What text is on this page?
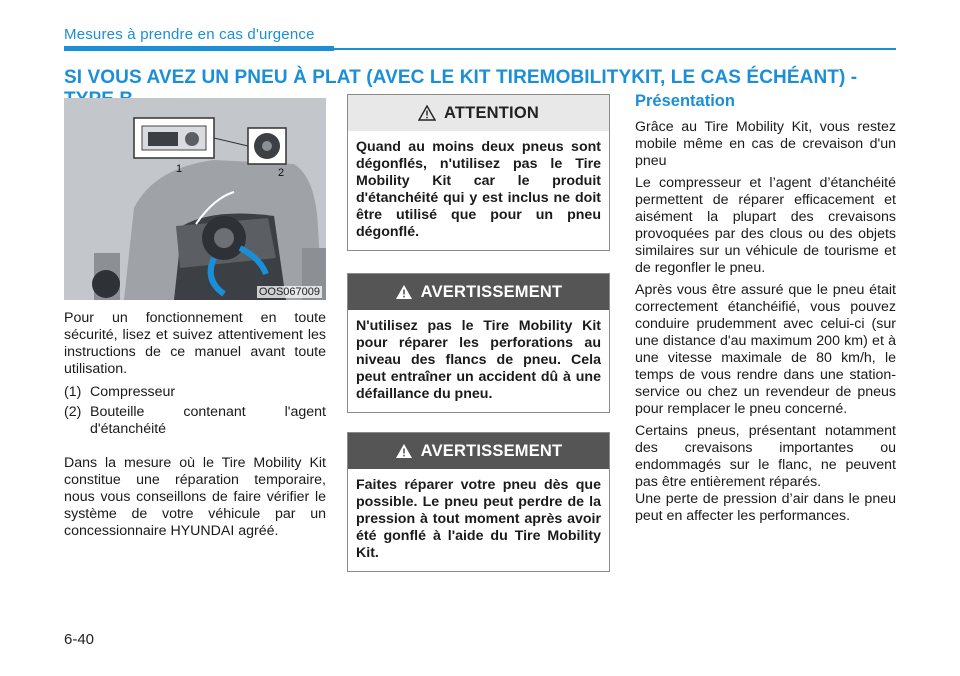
Mesures à prendre en cas d'urgence
SI VOUS AVEZ UN PNEU À PLAT (AVEC LE KIT TIREMOBILITYKIT, LE CAS ÉCHÉANT) -
1	2
OOS067009

Pour un fonctionnement en toute sécurité, lisez et suivez attentivement les instructions de ce manuel avant toute utilisation.

(1) Compresseur
(2) Bouteille contenant l'agent d'étanchéité

Dans la mesure où le Tire Mobility Kit constitue une réparation temporaire, nous vous conseillons de faire vérifier le système de votre véhicule par un concessionnaire HYUNDAI agréé.

ATTENTION
Quand au moins deux pneus sont dégonflés, n'utilisez pas le Tire Mobility Kit car le produit d'étanchéité qui y est inclus ne doit être utilisé que pour un pneu dégonflé.
AVERTISSEMENT
N'utilisez pas le Tire Mobility Kit pour réparer les perforations au niveau des flancs de pneu. Cela peut entraîner un accident dû à une défaillance du pneu.
AVERTISSEMENT
Faites réparer votre pneu dès que possible. Le pneu peut perdre de la pression à tout moment après avoir été gonflé à l'aide du Tire Mobility Kit.
Présentation

Grâce au Tire Mobility Kit, vous restez mobile même en cas de crevaison d'un pneu

Le compresseur et l’agent d’étanchéité permettent de réparer efficacement et aisément la plupart des crevaisons provoquées par des clous ou des objets similaires sur un véhicule de tourisme et de regonfler le pneu.

Après vous être assuré que le pneu était correctement étanchéifié, vous pouvez conduire prudemment avec celui-ci (sur une distance d'au maximum 200 km) et à une vitesse maximale de 80 km/h, le temps de vous rendre dans une station-service ou chez un revendeur de pneus pour remplacer le pneu concerné.

Certains pneus, présentant notamment des crevaisons importantes ou endommagés sur le flanc, ne peuvent pas être entièrement réparés.

Une perte de pression d’air dans le pneu peut en affecter les performances.

6-40
